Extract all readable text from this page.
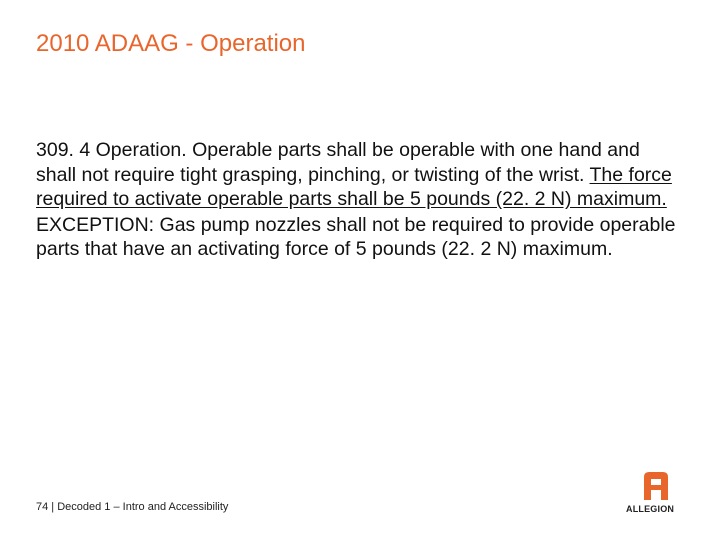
2010 ADAAG - Operation

309. 4 Operation. Operable parts shall be operable with one hand and shall not require tight grasping, pinching, or twisting of the wrist. The force required to activate operable parts shall be 5 pounds (22. 2 N) maximum.

EXCEPTION: Gas pump nozzles shall not be required to provide operable parts that have an activating force of 5 pounds (22. 2 N) maximum.

74 | Decoded 1 – Intro and Accessibility	ALLEGION
